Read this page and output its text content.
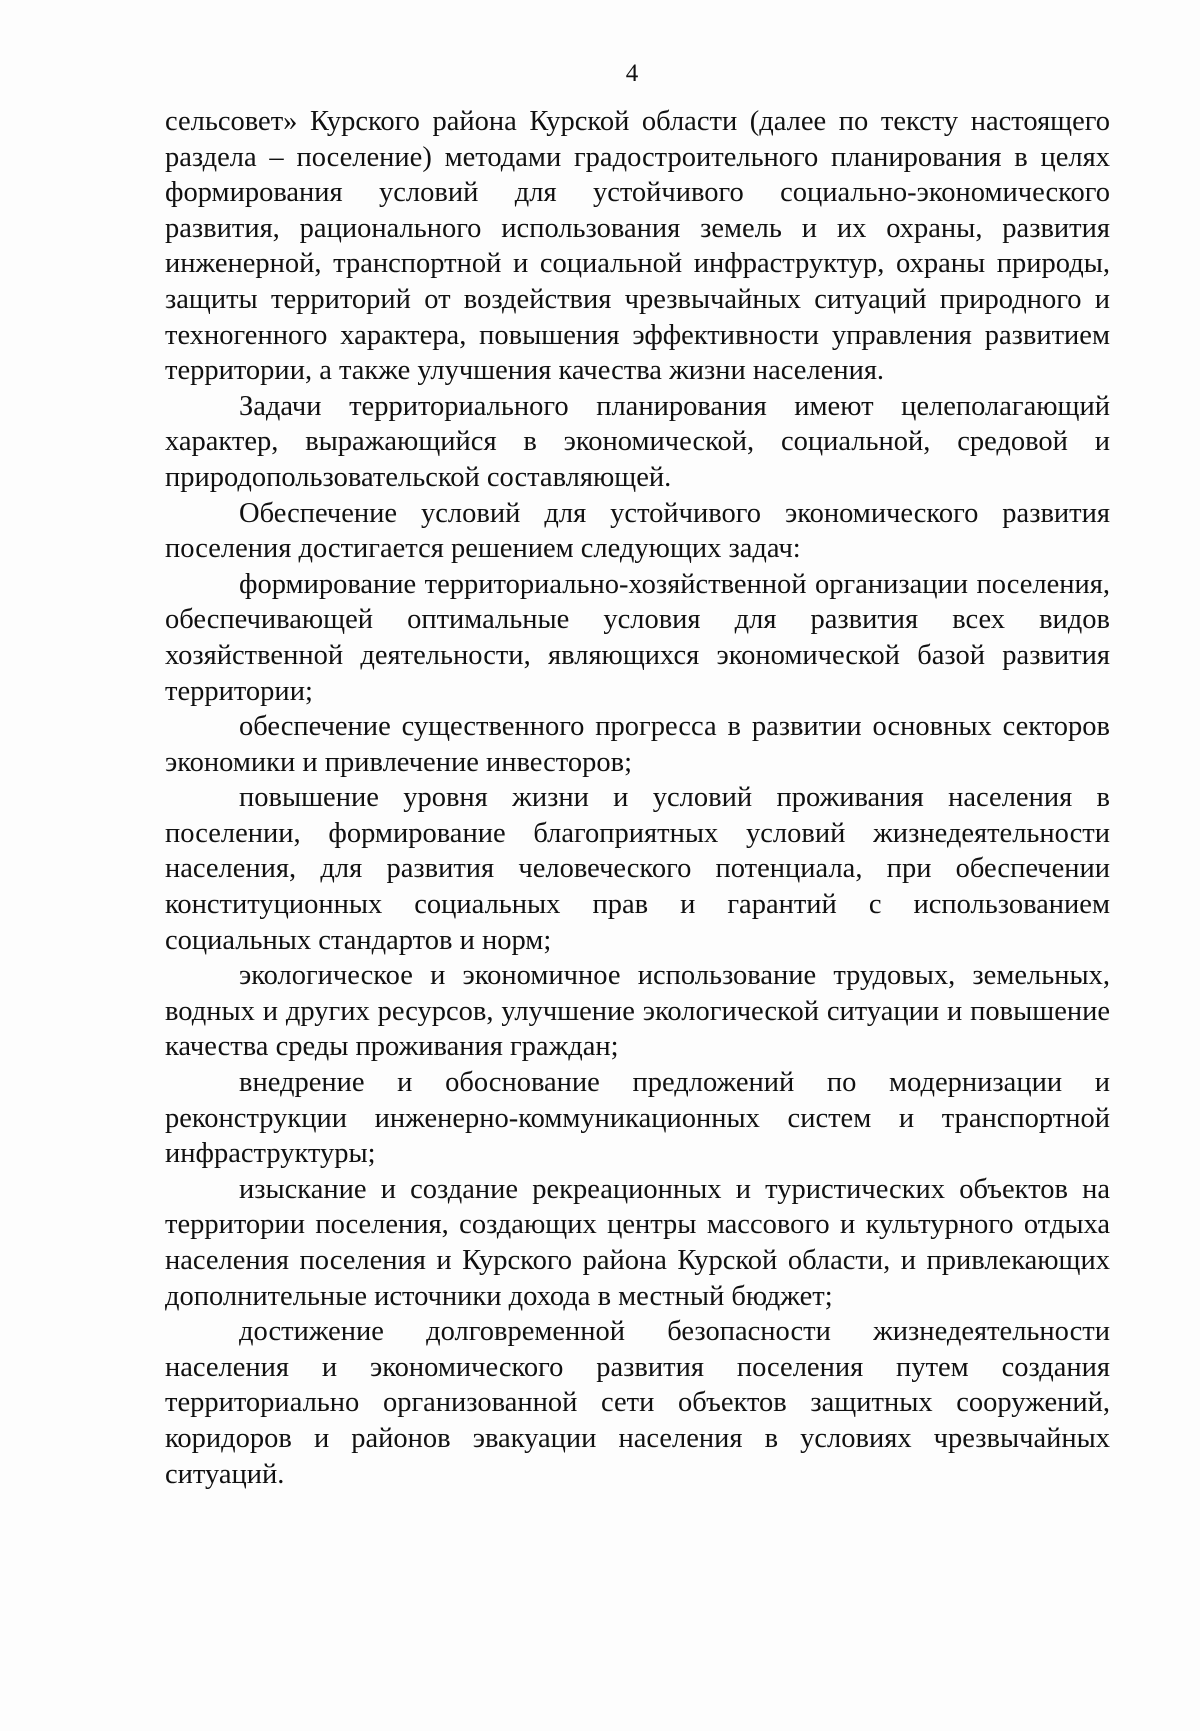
4

сельсовет» Курского района Курской области (далее по тексту настоящего раздела – поселение) методами градостроительного планирования в целях формирования условий для устойчивого социально-экономического развития, рационального использования земель и их охраны, развития инженерной, транспортной и социальной инфраструктур, охраны природы, защиты территорий от воздействия чрезвычайных ситуаций природного и техногенного характера, повышения эффективности управления развитием территории, а также улучшения качества жизни населения.

Задачи территориального планирования имеют целеполагающий характер, выражающийся в экономической, социальной, средовой и природопользовательской составляющей.

Обеспечение условий для устойчивого экономического развития поселения достигается решением следующих задач:

формирование территориально-хозяйственной организации поселения, обеспечивающей оптимальные условия для развития всех видов хозяйственной деятельности, являющихся экономической базой развития территории;

обеспечение существенного прогресса в развитии основных секторов экономики и привлечение инвесторов;

повышение уровня жизни и условий проживания населения в поселении, формирование благоприятных условий жизнедеятельности населения, для развития человеческого потенциала, при обеспечении конституционных социальных прав и гарантий с использованием социальных стандартов и норм;

экологическое и экономичное использование трудовых, земельных, водных и других ресурсов, улучшение экологической ситуации и повышение качества среды проживания граждан;

внедрение и обоснование предложений по модернизации и реконструкции инженерно-коммуникационных систем и транспортной инфраструктуры;

изыскание и создание рекреационных и туристических объектов на территории поселения, создающих центры массового и культурного отдыха населения поселения и Курского района Курской области, и привлекающих дополнительные источники дохода в местный бюджет;

достижение долговременной безопасности жизнедеятельности населения и экономического развития поселения путем создания территориально организованной сети объектов защитных сооружений, коридоров и районов эвакуации населения в условиях чрезвычайных ситуаций.
